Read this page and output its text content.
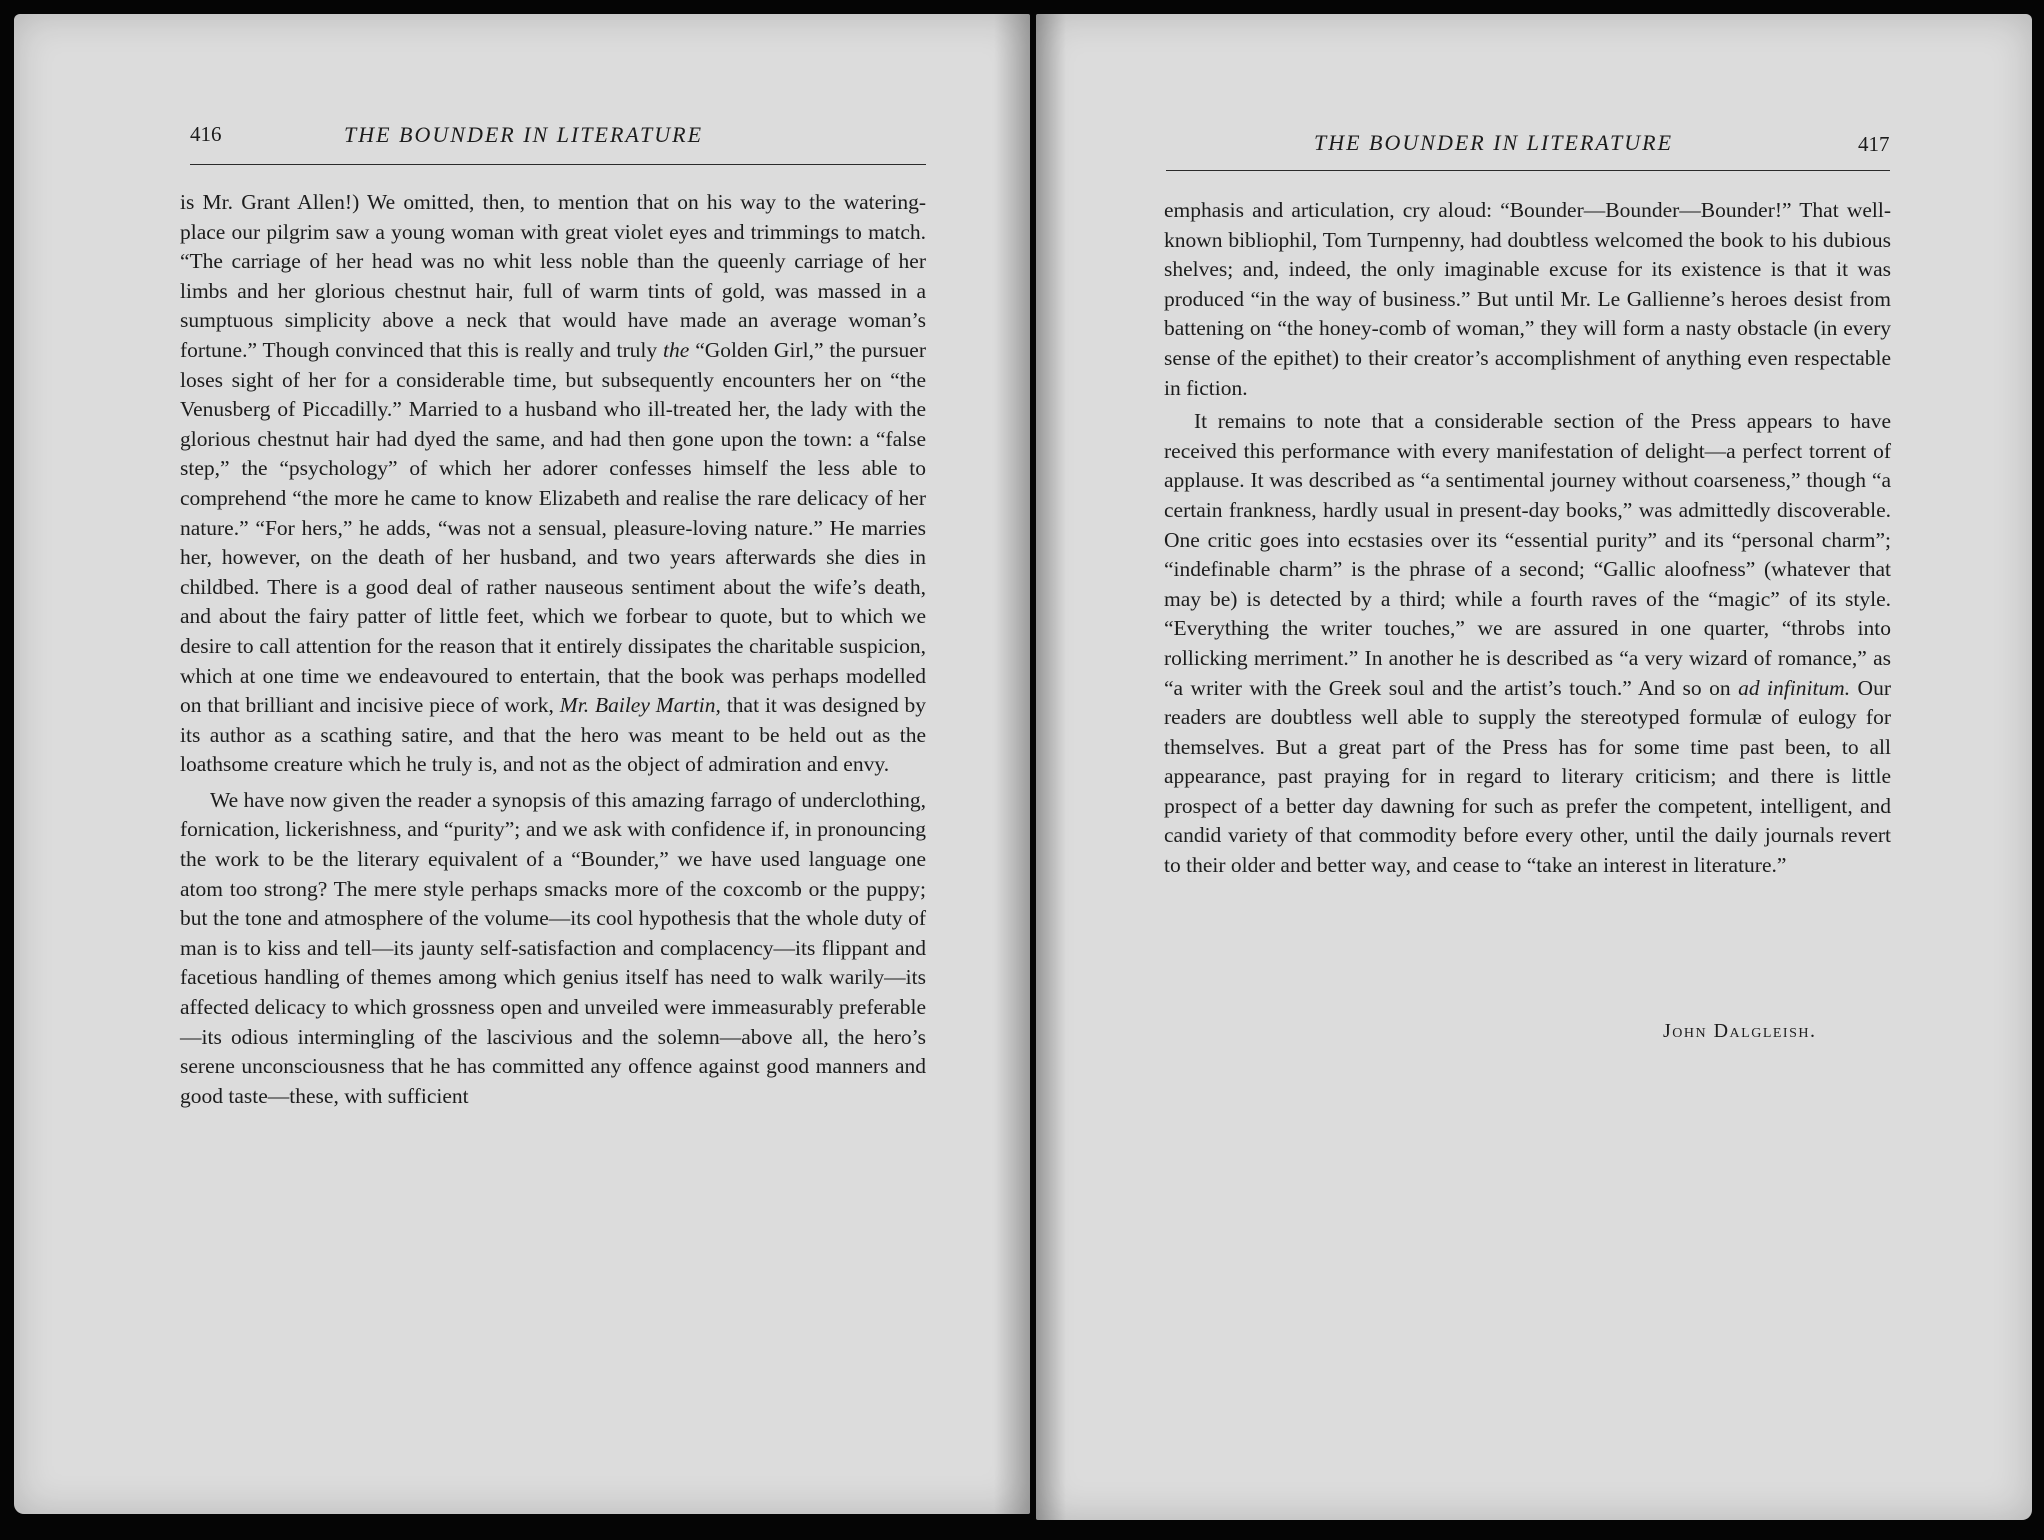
416	THE BOUNDER IN LITERATURE

is Mr. Grant Allen!) We omitted, then, to mention that on his way to the watering-place our pilgrim saw a young woman with great violet eyes and trimmings to match. “The carriage of her head was no whit less noble than the queenly carriage of her limbs and her glorious chestnut hair, full of warm tints of gold, was massed in a sumptuous simplicity above a neck that would have made an average woman’s fortune.” Though convinced that this is really and truly the “Golden Girl,” the pursuer loses sight of her for a considerable time, but subsequently encounters her on “the Venusberg of Piccadilly.” Married to a husband who ill-treated her, the lady with the glorious chestnut hair had dyed the same, and had then gone upon the town: a “false step,” the “psychology” of which her adorer confesses himself the less able to comprehend “the more he came to know Elizabeth and realise the rare delicacy of her nature.” “For hers,” he adds, “was not a sensual, pleasure-loving nature.” He marries her, however, on the death of her husband, and two years afterwards she dies in childbed. There is a good deal of rather nauseous sentiment about the wife’s death, and about the fairy patter of little feet, which we forbear to quote, but to which we desire to call attention for the reason that it entirely dissipates the charitable suspicion, which at one time we endeavoured to entertain, that the book was perhaps modelled on that brilliant and incisive piece of work, Mr. Bailey Martin, that it was designed by its author as a scathing satire, and that the hero was meant to be held out as the loathsome creature which he truly is, and not as the object of admiration and envy.

We have now given the reader a synopsis of this amazing farrago of underclothing, fornication, lickerishness, and “purity”; and we ask with confidence if, in pronouncing the work to be the literary equivalent of a “Bounder,” we have used language one atom too strong? The mere style perhaps smacks more of the coxcomb or the puppy; but the tone and atmosphere of the volume—its cool hypothesis that the whole duty of man is to kiss and tell—its jaunty self-satisfaction and complacency—its flippant and facetious handling of themes among which genius itself has need to walk warily—its affected delicacy to which grossness open and unveiled were immeasurably preferable—its odious intermingling of the lascivious and the solemn—above all, the hero’s serene unconsciousness that he has committed any offence against good manners and good taste—these, with sufficient

THE BOUNDER IN LITERATURE	417

emphasis and articulation, cry aloud: “Bounder—Bounder—Bounder!” That well-known bibliophil, Tom Turnpenny, had doubtless welcomed the book to his dubious shelves; and, indeed, the only imaginable excuse for its existence is that it was produced “in the way of business.” But until Mr. Le Gallienne’s heroes desist from battening on “the honey-comb of woman,” they will form a nasty obstacle (in every sense of the epithet) to their creator’s accomplishment of anything even respectable in fiction.

It remains to note that a considerable section of the Press appears to have received this performance with every manifestation of delight—a perfect torrent of applause. It was described as “a sentimental journey without coarseness,” though “a certain frankness, hardly usual in present-day books,” was admittedly discoverable. One critic goes into ecstasies over its “essential purity” and its “personal charm”; “indefinable charm” is the phrase of a second; “Gallic aloofness” (whatever that may be) is detected by a third; while a fourth raves of the “magic” of its style. “Everything the writer touches,” we are assured in one quarter, “throbs into rollicking merriment.” In another he is described as “a very wizard of romance,” as “a writer with the Greek soul and the artist’s touch.” And so on ad infinitum. Our readers are doubtless well able to supply the stereotyped formulæ of eulogy for themselves. But a great part of the Press has for some time past been, to all appearance, past praying for in regard to literary criticism; and there is little prospect of a better day dawning for such as prefer the competent, intelligent, and candid variety of that commodity before every other, until the daily journals revert to their older and better way, and cease to “take an interest in literature.”

John Dalgleish.
